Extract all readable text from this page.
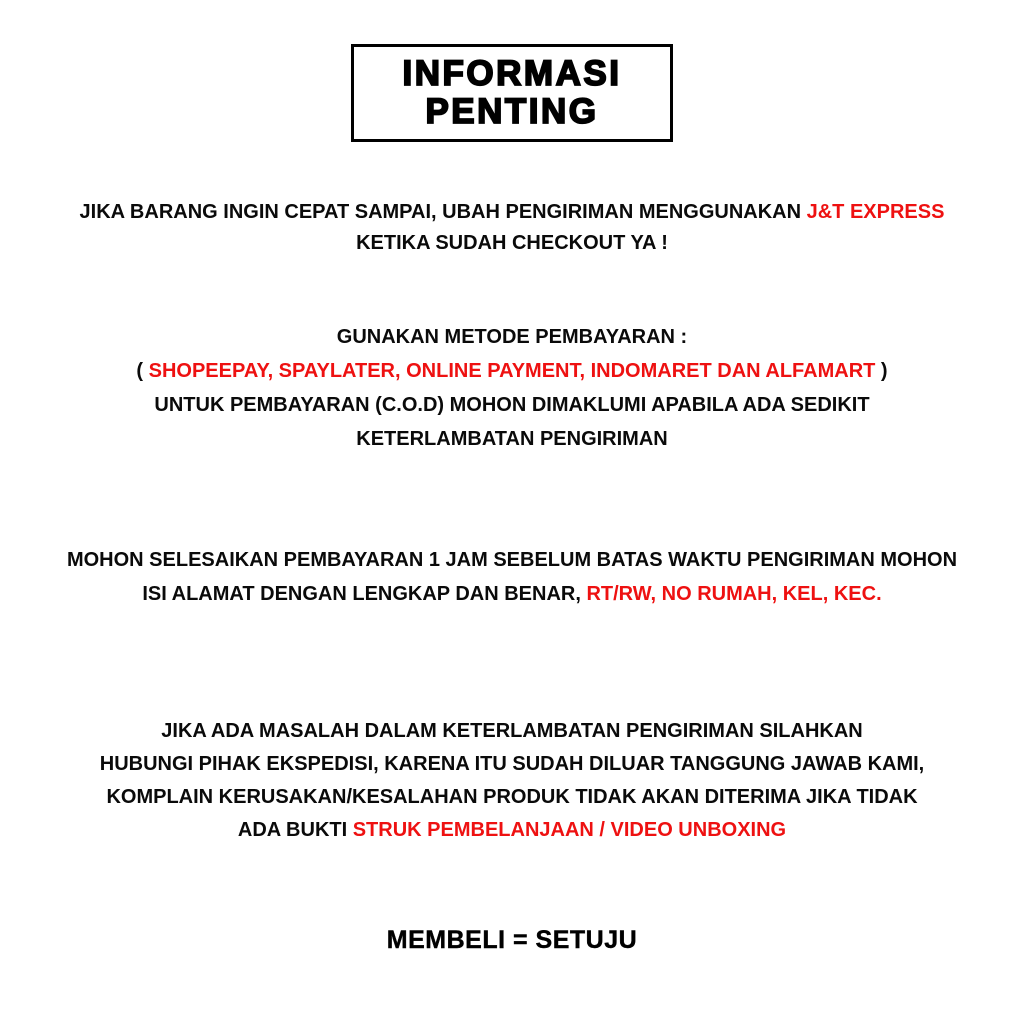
INFORMASI
PENTING
JIKA BARANG INGIN CEPAT SAMPAI, UBAH PENGIRIMAN MENGGUNAKAN J&T EXPRESS
KETIKA SUDAH CHECKOUT YA !
GUNAKAN METODE PEMBAYARAN :
( SHOPEEPAY, SPAYLATER, ONLINE PAYMENT, INDOMARET DAN ALFAMART )
UNTUK PEMBAYARAN (C.O.D) MOHON DIMAKLUMI APABILA ADA SEDIKIT
KETERLAMBATAN PENGIRIMAN
MOHON SELESAIKAN PEMBAYARAN 1 JAM SEBELUM BATAS WAKTU PENGIRIMAN MOHON
ISI ALAMAT DENGAN LENGKAP DAN BENAR, RT/RW, NO RUMAH, KEL, KEC.
JIKA ADA MASALAH DALAM KETERLAMBATAN PENGIRIMAN SILAHKAN
HUBUNGI PIHAK EKSPEDISI, KARENA ITU SUDAH DILUAR TANGGUNG JAWAB KAMI,
KOMPLAIN KERUSAKAN/KESALAHAN PRODUK TIDAK AKAN DITERIMA JIKA TIDAK
ADA BUKTI STRUK PEMBELANJAAN / VIDEO UNBOXING
MEMBELI = SETUJU
